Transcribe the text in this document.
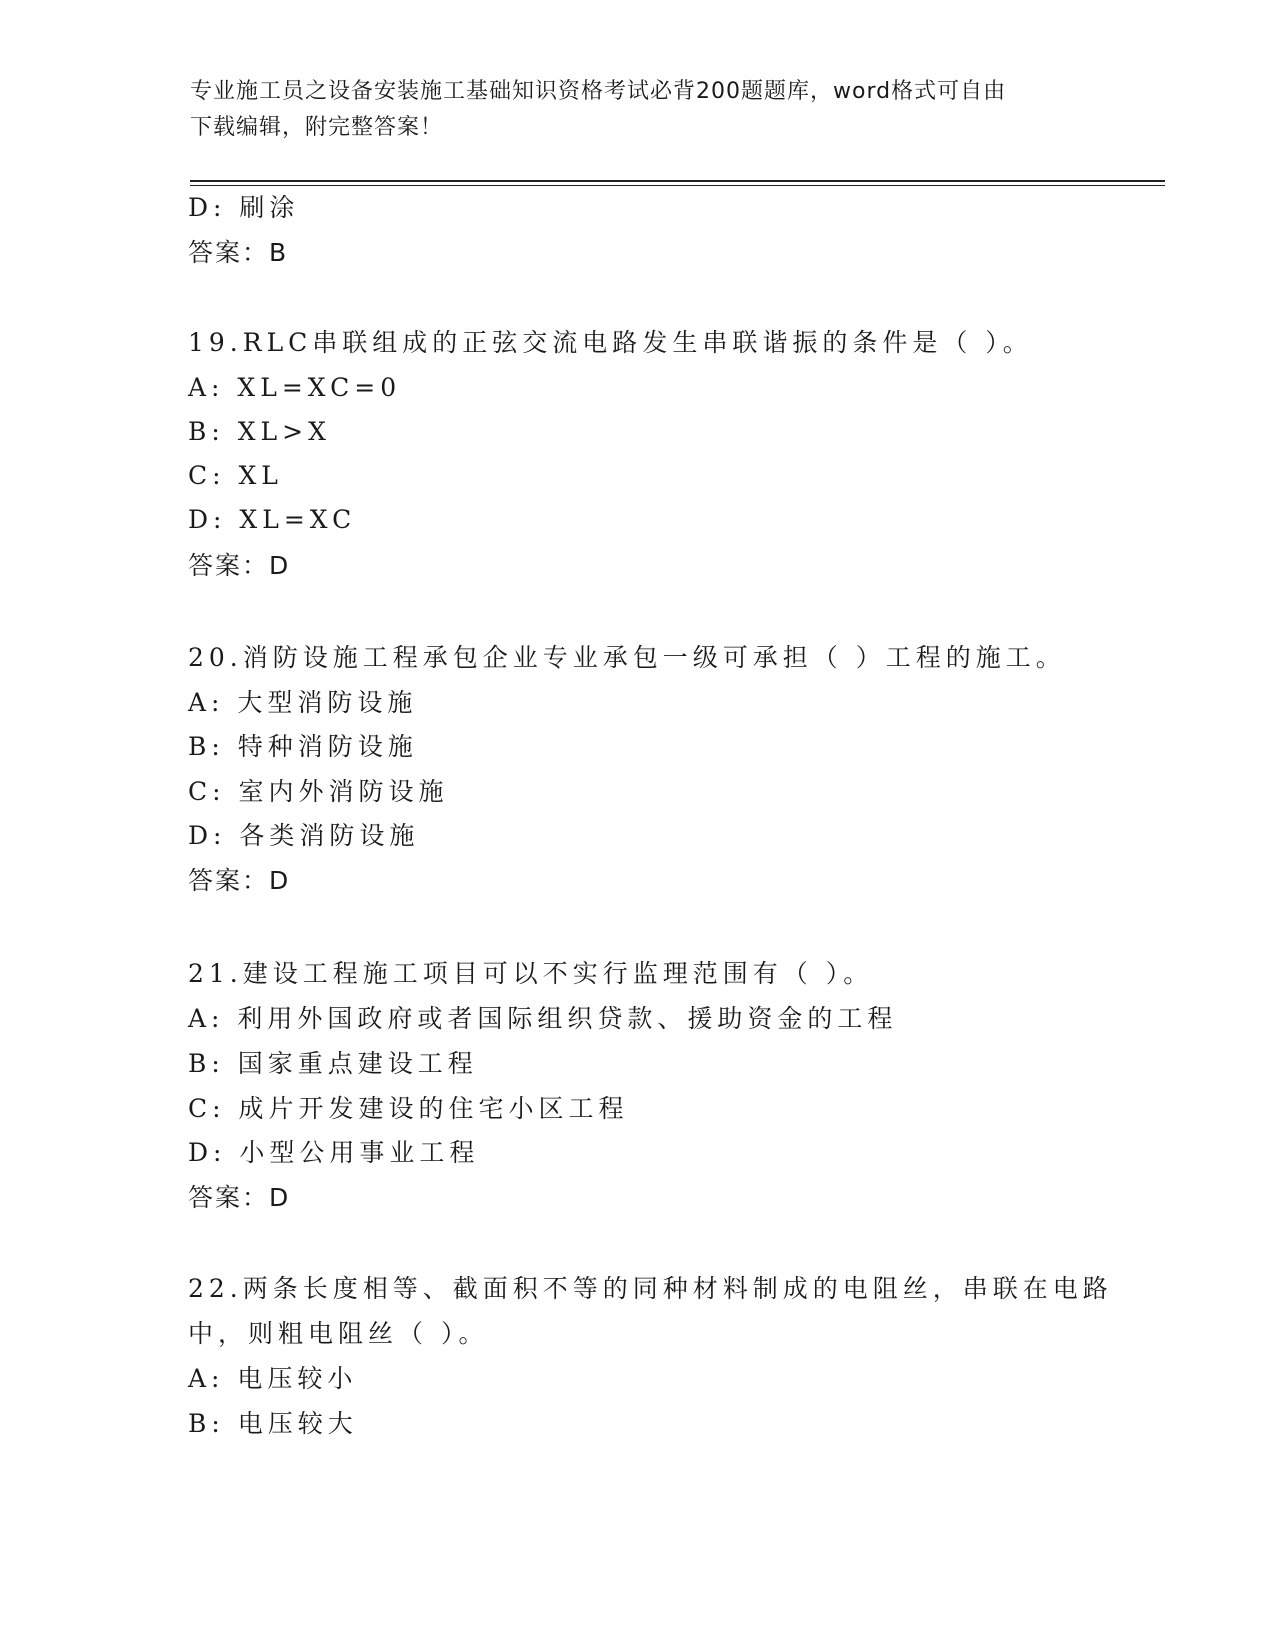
专业施工员之设备安装施工基础知识资格考试必背200题题库，word格式可自由
下载编辑，附完整答案！
D: 刷涂
答案：B
19.RLC串联组成的正弦交流电路发生串联谐振的条件是（ ）。
A: XL=XC=0
B: XL>X
C: XL
D: XL=XC
答案：D
20.消防设施工程承包企业专业承包一级可承担（ ）工程的施工。
A: 大型消防设施
B: 特种消防设施
C: 室内外消防设施
D: 各类消防设施
答案：D
21.建设工程施工项目可以不实行监理范围有（ ）。
A: 利用外国政府或者国际组织贷款、援助资金的工程
B: 国家重点建设工程
C: 成片开发建设的住宅小区工程
D: 小型公用事业工程
答案：D
22.两条长度相等、截面积不等的同种材料制成的电阻丝，串联在电路
中，则粗电阻丝（ ）。
A: 电压较小
B: 电压较大
